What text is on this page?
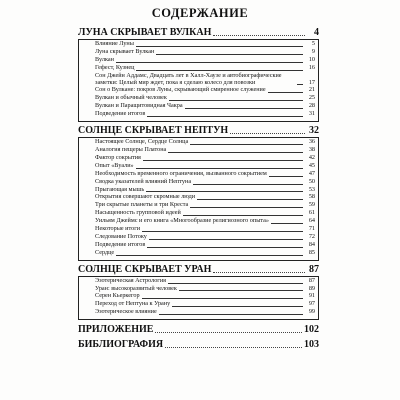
СОДЕРЖАНИЕ
ЛУНА СКРЫВАЕТ ВУЛКАН	4
Влияние Луны	5
Луна скрывает Вулкан	9
Вулкан	10
Гефест, Кузнец	16
Сон Джейн Аддамс, Двадцать лет в Халл-Хаузе и автобиографические заметки: Целый мир ждет, пока я сделаю колесо для повозки	17
Сон о Вулкане: покров Луны, скрывающий смиренное служение	21
Вулкан и обычный человек	25
Вулкан и Паращитовидная Чакра	28
Подведение итогов	31
СОЛНЦЕ СКРЫВАЕТ НЕПТУН	32
Настоящее Солнце, Сердце Солнца	36
Аналогия пещеры Платона	38
Фактор сокрытия	42
Опыт «Вуали»	45
Необходимость временного ограничения, вызванного сокрытием	47
Сводка указателей влияний Нептуна	50
Прыгающая мышь	53
Открытия совершают скромные люди	58
Три скрытые планеты и три Креста	59
Насыщенность групповой идеей	61
Уильям Джеймс и его книга «Многообразие религиозного опыта»	64
Некоторые итоги	71
Следование Потоку	72
Подведение итогов	84
Сердце	85
СОЛНЦЕ СКРЫВАЕТ УРАН	87
Эзотерическая Астрология	87
Уран: высокоразвитый человек	89
Серен Кьеркегор	91
Переход от Нептуна к Урану	97
Эзотерическое влияние	99
ПРИЛОЖЕНИЕ	102
БИБЛИОГРАФИЯ	103
